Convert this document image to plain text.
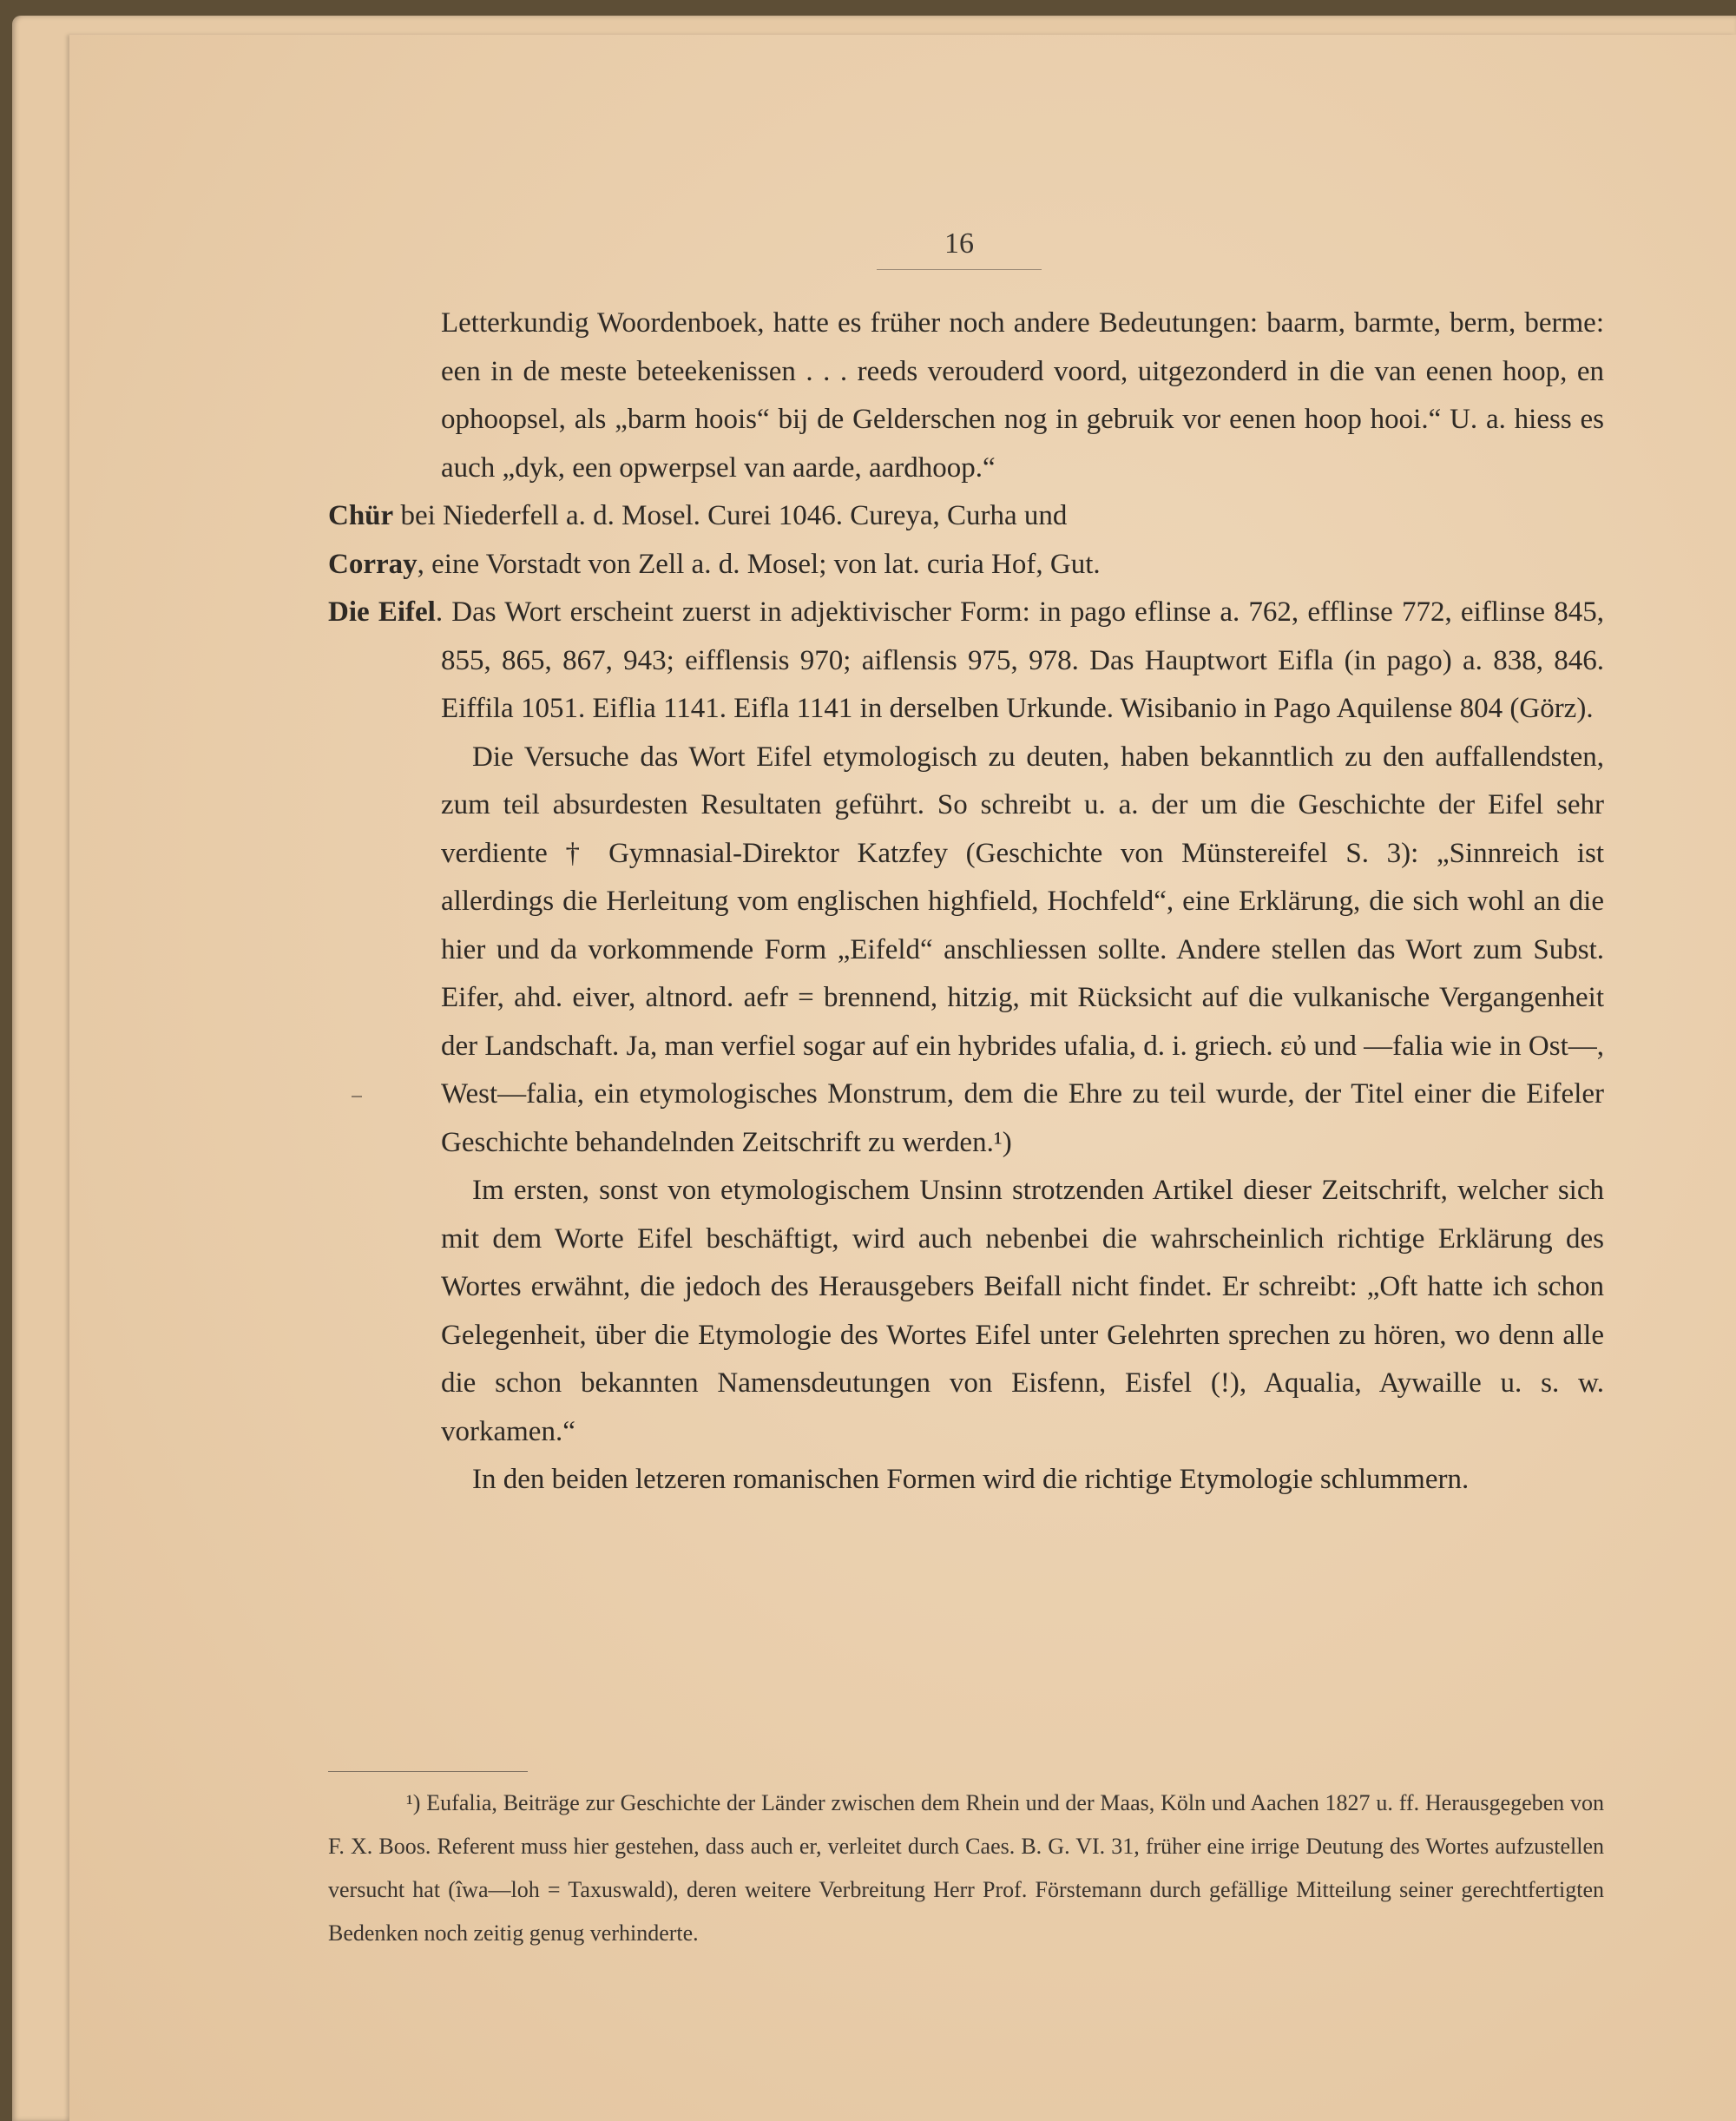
16

Letterkundig Woordenboek, hatte es früher noch andere Bedeutungen: baarm, barmte, berm, berme: een in de meste beteekenissen . . . reeds verouderd voord, uitgezonderd in die van eenen hoop, en ophoopsel, als „barm hoois“ bij de Gelderschen nog in gebruik vor eenen hoop hooi.“ U. a. hiess es auch „dyk, een opwerpsel van aarde, aardhoop.“

Chür bei Niederfell a. d. Mosel. Curei 1046. Cureya, Curha und

Corray, eine Vorstadt von Zell a. d. Mosel; von lat. curia Hof, Gut.

Die Eifel. Das Wort erscheint zuerst in adjektivischer Form: in pago eflinse a. 762, efflinse 772, eiflinse 845, 855, 865, 867, 943; eifflensis 970; aiflensis 975, 978. Das Hauptwort Eifla (in pago) a. 838, 846. Eiffila 1051. Eiflia 1141. Eifla 1141 in derselben Urkunde. Wisibanio in Pago Aquilense 804 (Görz).

Die Versuche das Wort Eifel etymologisch zu deuten, haben bekanntlich zu den auffallendsten, zum teil absurdesten Resultaten geführt. So schreibt u. a. der um die Geschichte der Eifel sehr verdiente † Gymnasial-Direktor Katzfey (Geschichte von Münstereifel S. 3): „Sinnreich ist allerdings die Herleitung vom englischen highfield, Hochfeld“, eine Erklärung, die sich wohl an die hier und da vorkommende Form „Eifeld“ anschliessen sollte. Andere stellen das Wort zum Subst. Eifer, ahd. eiver, altnord. aefr = brennend, hitzig, mit Rücksicht auf die vulkanische Vergangenheit der Landschaft. Ja, man verfiel sogar auf ein hybrides ufalia, d. i. griech. εὐ und —falia wie in Ost—, West—falia, ein etymologisches Monstrum, dem die Ehre zu teil wurde, der Titel einer die Eifeler Geschichte behandelnden Zeitschrift zu werden.¹)

Im ersten, sonst von etymologischem Unsinn strotzenden Artikel dieser Zeitschrift, welcher sich mit dem Worte Eifel beschäftigt, wird auch nebenbei die wahrscheinlich richtige Erklärung des Wortes erwähnt, die jedoch des Herausgebers Beifall nicht findet. Er schreibt: „Oft hatte ich schon Gelegenheit, über die Etymologie des Wortes Eifel unter Gelehrten sprechen zu hören, wo denn alle die schon bekannten Namensdeutungen von Eisfenn, Eisfel (!), Aqualia, Aywaille u. s. w. vorkamen.“

In den beiden letzeren romanischen Formen wird die richtige Etymologie schlummern.

¹) Eufalia, Beiträge zur Geschichte der Länder zwischen dem Rhein und der Maas, Köln und Aachen 1827 u. ff. Herausgegeben von F. X. Boos. Referent muss hier gestehen, dass auch er, verleitet durch Caes. B. G. VI. 31, früher eine irrige Deutung des Wortes aufzustellen versucht hat (îwa—loh = Taxuswald), deren weitere Verbreitung Herr Prof. Förstemann durch gefällige Mitteilung seiner gerechtfertigten Bedenken noch zeitig genug verhinderte.
